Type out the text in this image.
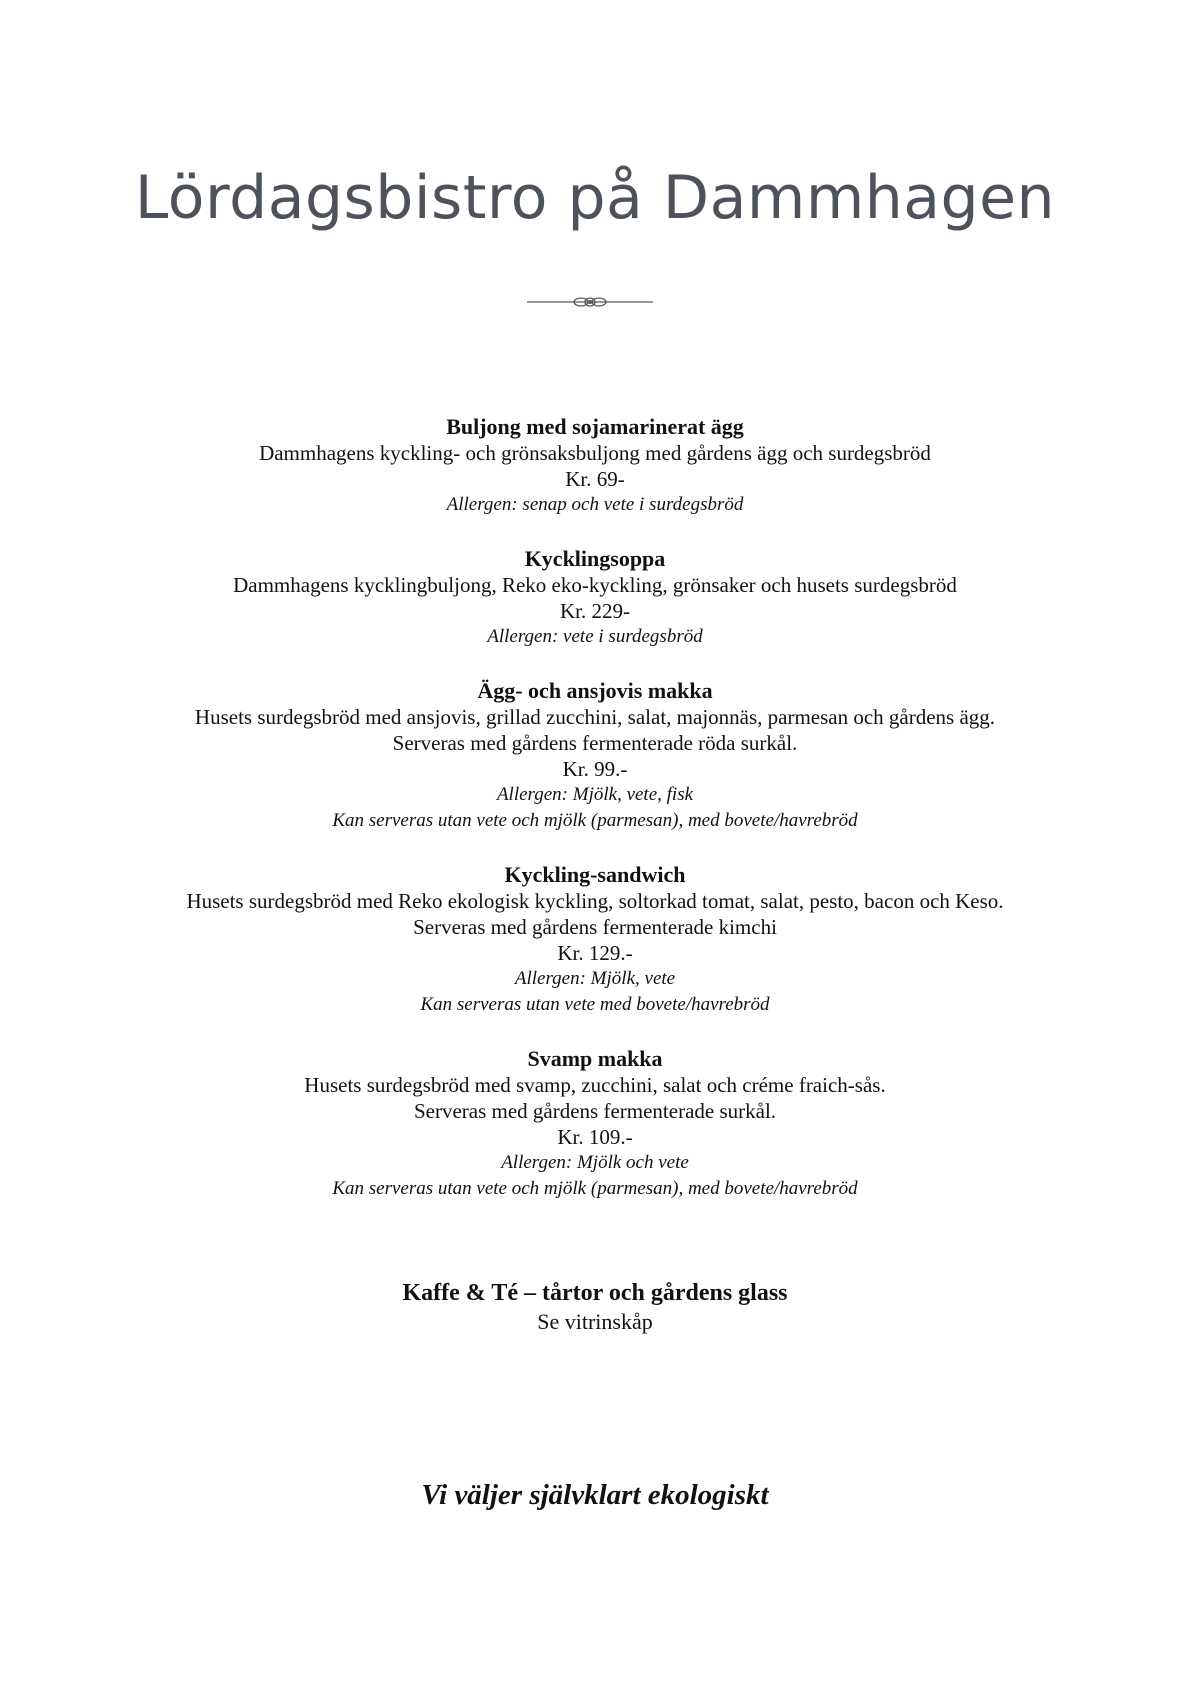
Lördagsbistro på Dammhagen
Buljong med sojamarinerat ägg
Dammhagens kyckling- och grönsaksbuljong med gårdens ägg och surdegsbröd
Kr. 69-
Allergen: senap och vete i surdegsbröd
Kycklingsoppa
Dammhagens kycklingbuljong, Reko eko-kyckling, grönsaker och husets surdegsbröd
Kr. 229-
Allergen: vete i surdegsbröd
Ägg- och ansjovis makka
Husets surdegsbröd med ansjovis, grillad zucchini, salat, majonnäs, parmesan och gårdens ägg.
Serveras med gårdens fermenterade röda surkål.
Kr. 99.-
Allergen: Mjölk, vete, fisk
Kan serveras utan vete och mjölk (parmesan), med bovete/havrebröd
Kyckling-sandwich
Husets surdegsbröd med Reko ekologisk kyckling, soltorkad tomat, salat, pesto, bacon och Keso.
Serveras med gårdens fermenterade kimchi
Kr. 129.-
Allergen: Mjölk, vete
Kan serveras utan vete med bovete/havrebröd
Svamp makka
Husets surdegsbröd med svamp, zucchini, salat och créme fraich-sås.
Serveras med gårdens fermenterade surkål.
Kr. 109.-
Allergen: Mjölk och vete
Kan serveras utan vete och mjölk (parmesan), med bovete/havrebröd
Kaffe & Té – tårtor och gårdens glass
Se vitrinskåp
Vi väljer självklart ekologiskt
